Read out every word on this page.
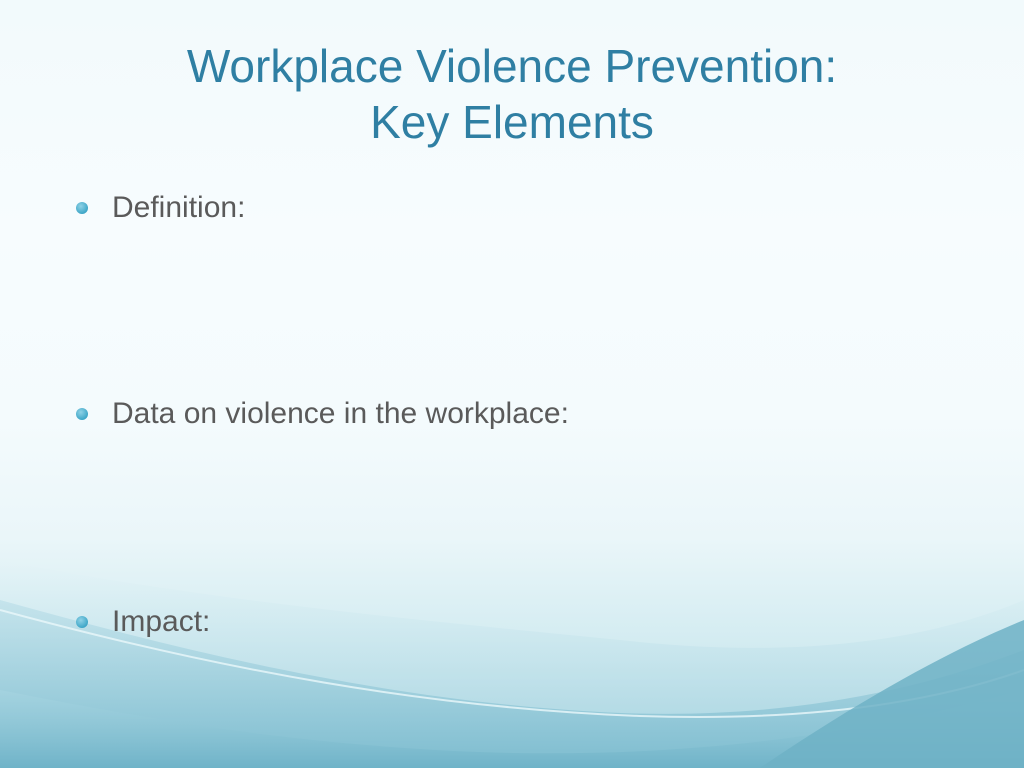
Workplace Violence Prevention:
Key Elements
Definition:
Data on violence in the workplace:
Impact:
